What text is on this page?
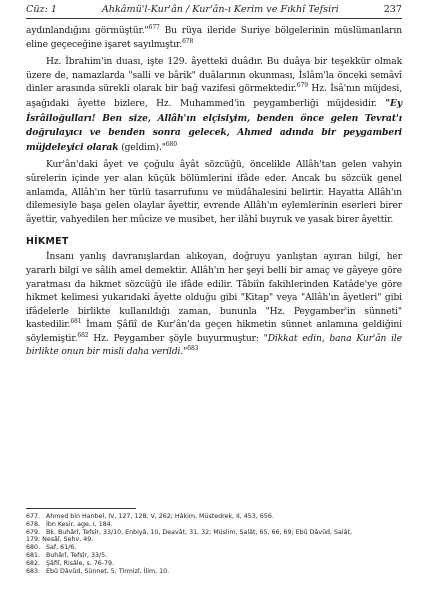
Cüz: 1	Ahkâmü'l-Kur'ân / Kur'ân-ı Kerim ve Fıkhî Tefsiri	237

aydınlandığını görmüştür."$^{677}$ Bu rüya ileride Suriye bölgelerinin müslümanların eline geçeceğine işaret sayılmıştır.$^{678}$

Hz. İbrahim'in duası, işte 129. âyetteki duâdır. Bu duâya bir teşekkür olmak üzere de, namazlarda "salli ve bârik" duâlarının okunması, İslâm'la önceki semâvî dinler arasında sürekli olarak bir bağ vazifesi görmektedir.$^{679}$ Hz. İsâ'nın müjdesi, aşağıdaki âyette bizlere, Hz. Muhammed'in peygamberliği müjdesidir. "Ey İsrâiloğulları! Ben size, Allâh'ın elçisiyim, benden önce gelen Tevrat'ı doğrulayıcı ve benden sonra gelecek, Ahmed adında bir peygamberi müjdeleyici olarak (geldim)."$^{680}$

Kur'ân'daki âyet ve çoğulu âyât sözcüğü, öncelikle Allâh'tan gelen vahyin sûrelerin içinde yer alan küçük bölümlerini ifâde eder. Ancak bu sözcük genel anlamda, Allâh'ın her türlü tasarrufunu ve müdâhalesini belirtir. Hayatta Allâh'ın dilemesiyle başa gelen olaylar âyettir, evrende Allâh'ın eylemlerinin eserleri birer âyettir, vahyedilen her mûcize ve musibet, her ilâhî buyruk ve yasak birer âyettir.

HİKMET

İnsanı yanlış davranışlardan alıkoyan, doğruyu yanlıştan ayıran bilgi, her yararlı bilgi ve sâlih amel demektir. Allâh'ın her şeyi belli bir amaç ve gâyeye göre yaratması da hikmet sözcüğü ile ifâde edilir. Tâbiîn fakihlerinden Katâde'ye göre hikmet kelimesi yukarıdaki âyette olduğu gibi "Kitap" veya "Allâh'ın âyetleri" gibi ifâdelerle birlikte kullanıldığı zaman, bununla "Hz. Peygamber'in sünneti" kastedilir.$^{681}$ İmam Şâfiî de Kur'ân'da geçen hikmetin sünnet anlamına geldiğini söylemiştir.$^{682}$ Hz. Peygamber şöyle buyurmuştur: "Dikkat edin, bana Kur'ân ile birlikte onun bir misli daha verildi."$^{683}$

677. Ahmed bin Hanbel, IV, 127, 128, V, 262; Hâkim, Müstedrek, II, 453, 656.
678. İbn Kesir, age, I, 184.
679. Bk. Buhârî, Tefsîr, 33/10, Enbiyâ, 10, Deavât, 31, 32; Müslim, Salât, 65, 66, 69; Ebû Dâvûd, Salât,
179; Nesâî, Sehv, 49.
680. Saf, 61/6.
681. Buhârî, Tefsîr, 33/5.
682. Şâfiî, Risâle, s. 76-79.
683. Ebû Dâvûd, Sünnet, 5; Tirmizî, İlim, 10.
